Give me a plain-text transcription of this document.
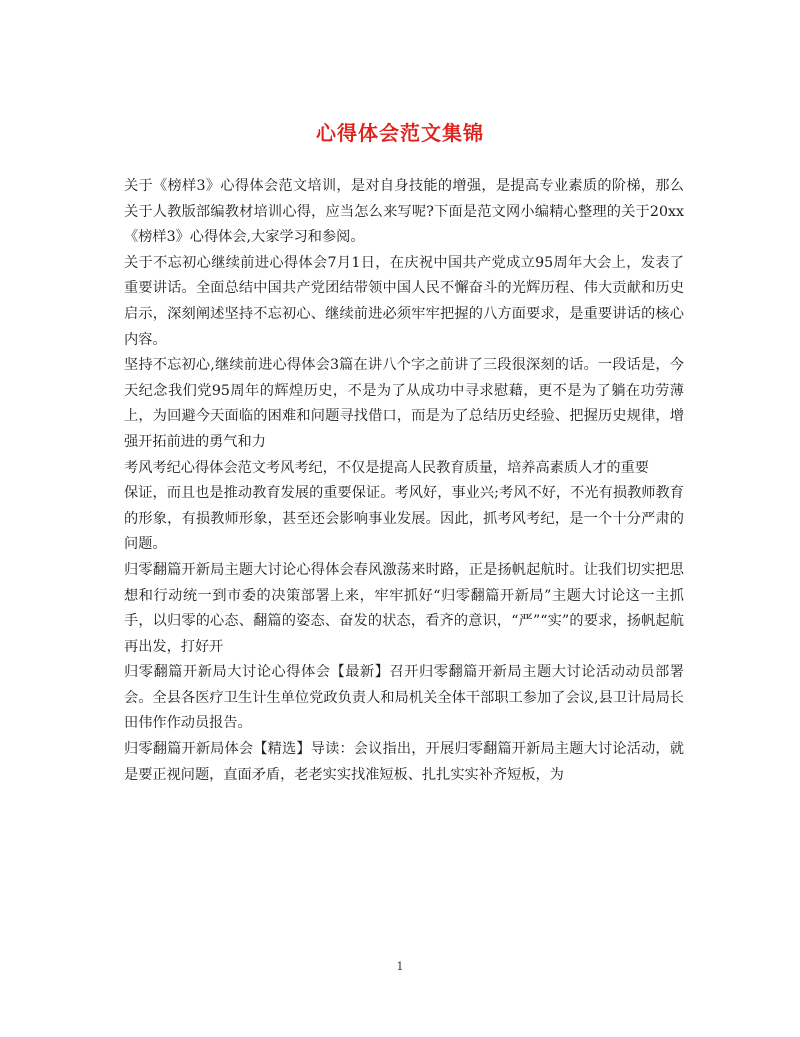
心得体会范文集锦

关于《榜样3》心得体会范文培训，是对自身技能的增强，是提高专业素质的阶梯，那么关于人教版部编教材培训心得，应当怎么来写呢?下面是范文网小编精心整理的关于20xx《榜样3》心得体会,大家学习和参阅。

关于不忘初心继续前进心得体会7月1日，在庆祝中国共产党成立95周年大会上，发表了重要讲话。全面总结中国共产党团结带领中国人民不懈奋斗的光辉历程、伟大贡献和历史启示，深刻阐述坚持不忘初心、继续前进必须牢牢把握的八方面要求，是重要讲话的核心内容。

坚持不忘初心,继续前进心得体会3篇在讲八个字之前讲了三段很深刻的话。一段话是，今天纪念我们党95周年的辉煌历史，不是为了从成功中寻求慰藉，更不是为了躺在功劳薄上，为回避今天面临的困难和问题寻找借口，而是为了总结历史经验、把握历史规律，增强开拓前进的勇气和力

考风考纪心得体会范文考风考纪，不仅是提高人民教育质量，培养高素质人才的重要

保证，而且也是推动教育发展的重要保证。考风好，事业兴;考风不好，不光有损教师教育的形象，有损教师形象，甚至还会影响事业发展。因此，抓考风考纪，是一个十分严肃的问题。

归零翻篇开新局主题大讨论心得体会春风激荡来时路，正是扬帆起航时。让我们切实把思想和行动统一到市委的决策部署上来，牢牢抓好“归零翻篇开新局”主题大讨论这一主抓手，以归零的心态、翻篇的姿态、奋发的状态，看齐的意识，“严”“实”的要求，扬帆起航再出发，打好开

归零翻篇开新局大讨论心得体会【最新】召开归零翻篇开新局主题大讨论活动动员部署会。全县各医疗卫生计生单位党政负责人和局机关全体干部职工参加了会议,县卫计局局长田伟作作动员报告。

归零翻篇开新局体会【精选】导读：会议指出，开展归零翻篇开新局主题大讨论活动，就是要正视问题，直面矛盾，老老实实找准短板、扎扎实实补齐短板，为

1
